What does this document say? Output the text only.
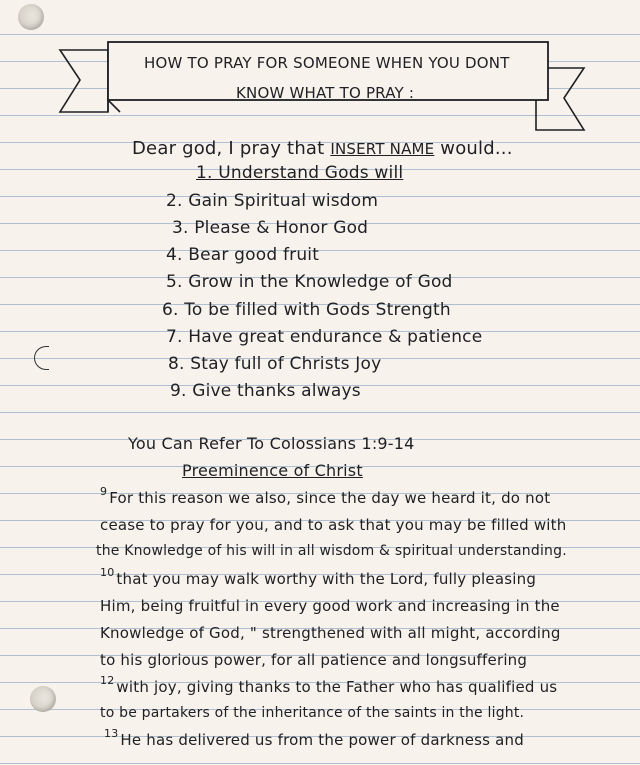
HOW TO PRAY FOR SOMEONE WHEN YOU DONT
KNOW WHAT TO PRAY :
Dear god, I pray that INSERT NAME would...
1. Understand Gods will
2. Gain Spiritual wisdom
3. Please & Honor God
4. Bear good fruit
5. Grow in the Knowledge of God
6. To be filled with Gods Strength
7. Have great endurance & patience
8. Stay full of Christs Joy
9. Give thanks always
You Can Refer To Colossians 1:9-14
Preeminence of Christ
$^9$ For this reason we also, since the day we heard it, do not
cease to pray for you, and to ask that you may be filled with
the Knowledge of his will in all wisdom & spiritual understanding.
$^{10}$ that you may walk worthy with the Lord, fully pleasing
Him, being fruitful in every good work and increasing in the
Knowledge of God, " strengthened with all might, according
to his glorious power, for all patience and longsuffering
$^{12}$ with joy, giving thanks to the Father who has qualified us
to be partakers of the inheritance of the saints in the light.
$^{13}$ He has delivered us from the power of darkness and
